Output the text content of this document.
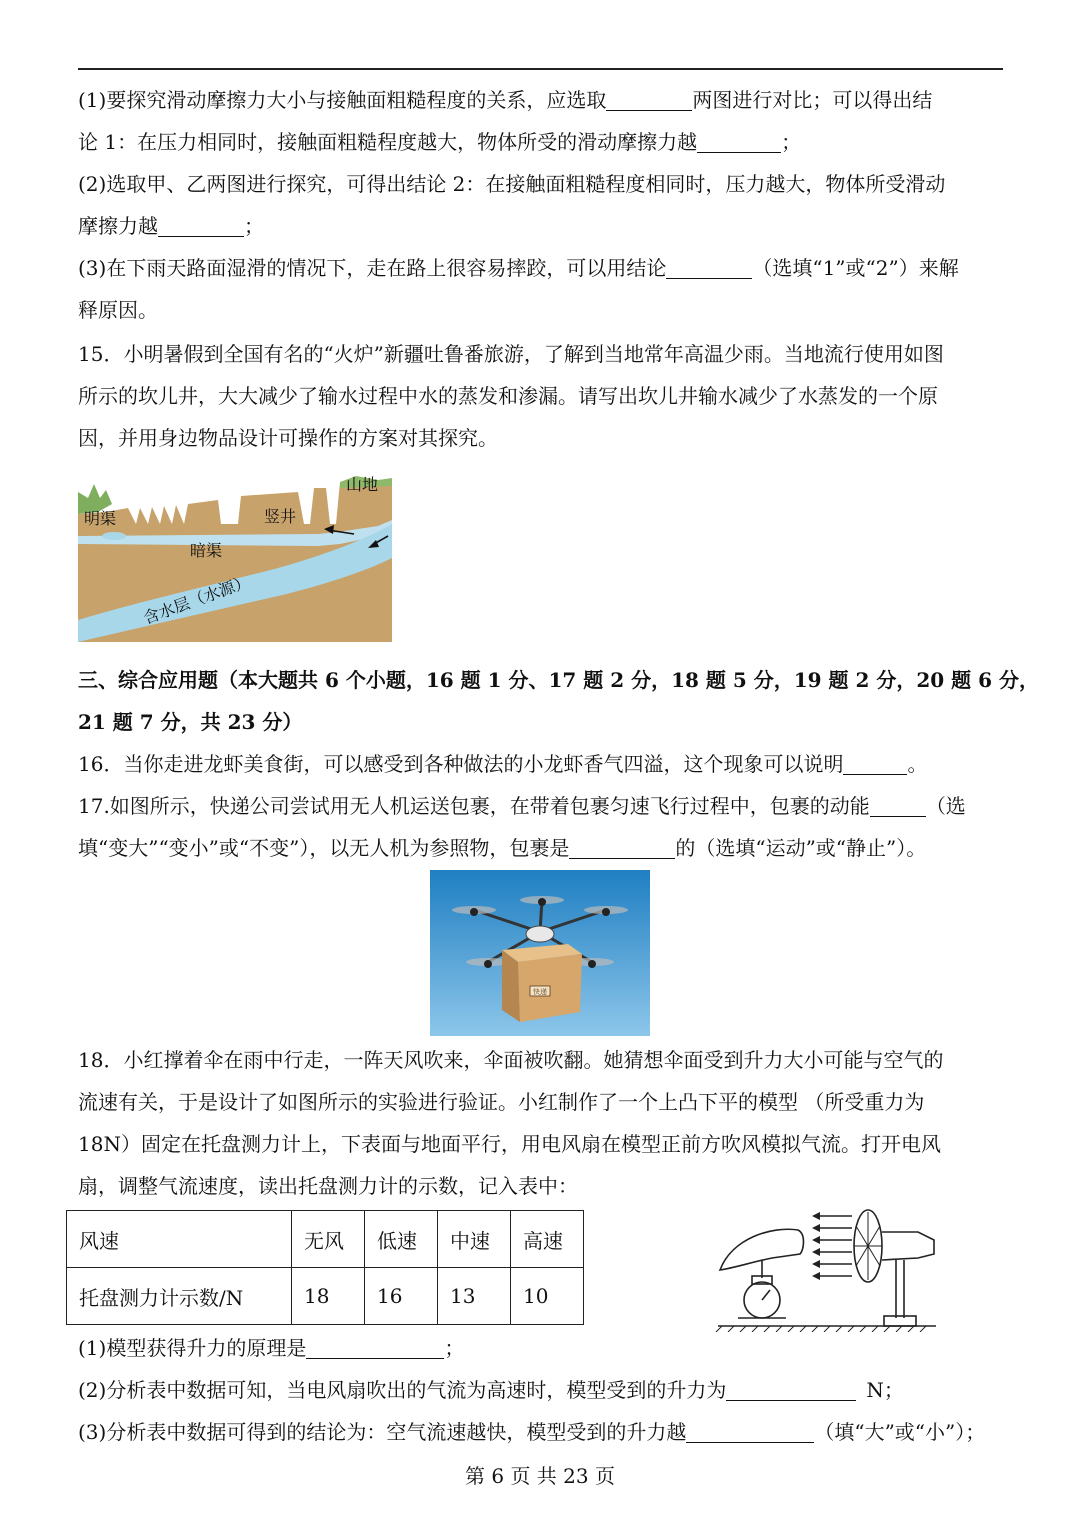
(1)要探究滑动摩擦力大小与接触面粗糙程度的关系，应选取	两图进行对比；可以得出结
论 1：在压力相同时，接触面粗糙程度越大，物体所受的滑动摩擦力越	；
(2)选取甲、乙两图进行探究，可得出结论 2：在接触面粗糙程度相同时，压力越大，物体所受滑动
摩擦力越	；
(3)在下雨天路面湿滑的情况下，走在路上很容易摔跤，可以用结论	（选填“1”或“2”）来解
释原因。
15．小明暑假到全国有名的“火炉”新疆吐鲁番旅游，了解到当地常年高温少雨。当地流行使用如图
所示的坎儿井，大大减少了输水过程中水的蒸发和渗漏。请写出坎儿井输水减少了水蒸发的一个原
因，并用身边物品设计可操作的方案对其探究。
山地
明渠	竖井
暗渠
含水层（水源）
三、综合应用题（本大题共 6 个小题，16 题 1 分、17 题 2 分，18 题 5 分，19 题 2 分，20 题 6 分，
21 题 7 分，共 23 分）
16．当你走进龙虾美食街，可以感受到各种做法的小龙虾香气四溢，这个现象可以说明	。
17.如图所示，快递公司尝试用无人机运送包裹，在带着包裹匀速飞行过程中，包裹的动能	（选
填“变大”“变小”或“不变”），以无人机为参照物，包裹是	的（选填“运动”或“静止”）。
快递
18．小红撑着伞在雨中行走，一阵天风吹来，伞面被吹翻。她猜想伞面受到升力大小可能与空气的
流速有关，于是设计了如图所示的实验进行验证。小红制作了一个上凸下平的模型 （所受重力为
18N）固定在托盘测力计上，下表面与地面平行，用电风扇在模型正前方吹风模拟气流。打开电风
扇，调整气流速度，读出托盘测力计的示数，记入表中：
风速	无风	低速	中速	高速
托盘测力计示数/N	18	16	13	10
(1)模型获得升力的原理是	；
(2)分析表中数据可知，当电风扇吹出的气流为高速时，模型受到的升力为	N；
(3)分析表中数据可得到的结论为：空气流速越快，模型受到的升力越	（填“大”或“小”）；
第 6 页 共 23 页
